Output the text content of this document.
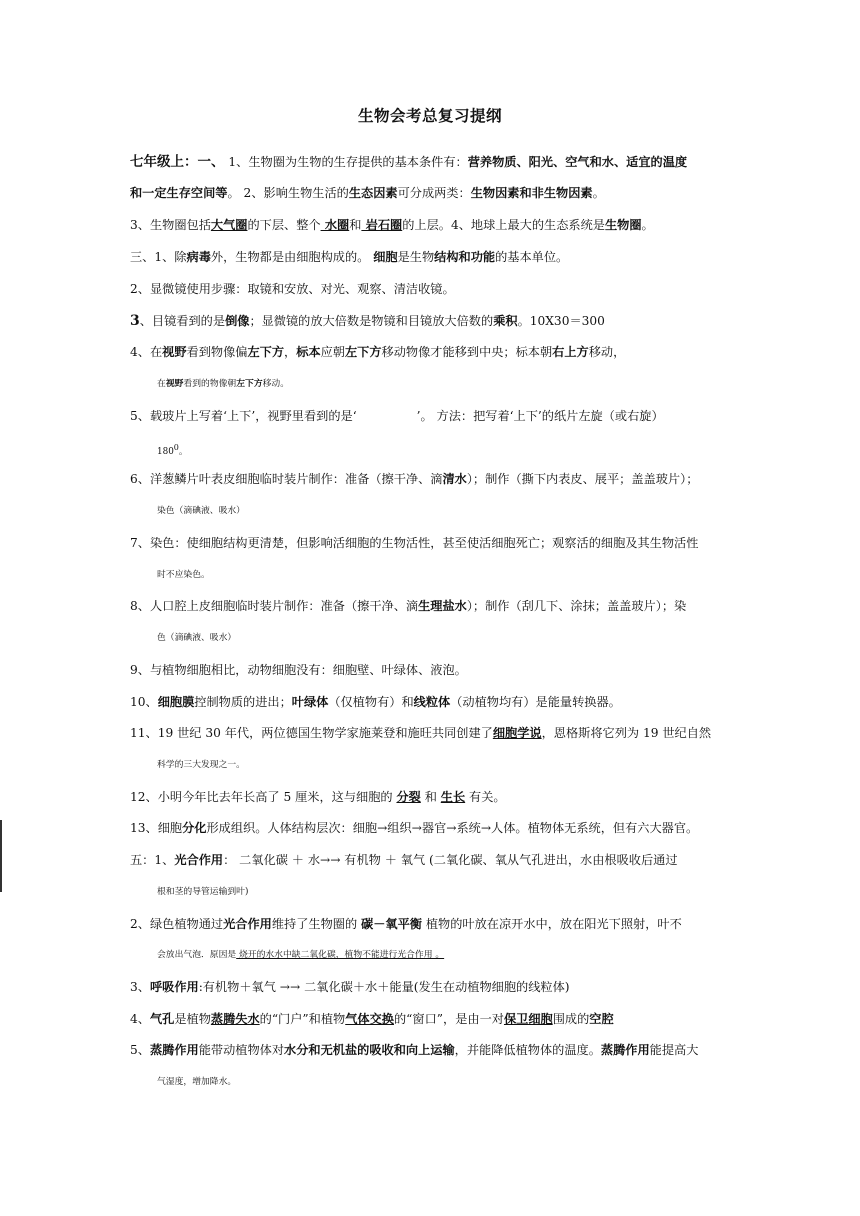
生物会考总复习提纲
七年级上：一、 1、生物圈为生物的生存提供的基本条件有：营养物质、阳光、空气和水、适宜的温度
和一定生存空间等。 2、影响生物生活的生态因素可分成两类：生物因素和非生物因素。
3、生物圈包括大气圈的下层、整个 水圈和 岩石圈的上层。4、地球上最大的生态系统是生物圈。
三、1、除病毒外，生物都是由细胞构成的。 细胞是生物结构和功能的基本单位。
2、显微镜使用步骤：取镜和安放、对光、观察、清洁收镜。
3、目镜看到的是倒像；显微镜的放大倍数是物镜和目镜放大倍数的乘积。10X30＝300
4、在视野看到物像偏左下方，标本应朝左下方移动物像才能移到中央；标本朝右上方移动，
在视野看到的物像朝左下方移动。
5、载玻片上写着‘上下’，视野里看到的是‘	’。 方法：把写着‘上下’的纸片左旋（或右旋）
$180^0$。
6、洋葱鳞片叶表皮细胞临时装片制作：准备（擦干净、滴清水）；制作（撕下内表皮、展平；盖盖玻片）；
染色（滴碘液、吸水）
7、染色：使细胞结构更清楚，但影响活细胞的生物活性，甚至使活细胞死亡；观察活的细胞及其生物活性
时不应染色。
8、人口腔上皮细胞临时装片制作：准备（擦干净、滴生理盐水）；制作（刮几下、涂抹；盖盖玻片）；染
色（滴碘液、吸水）
9、与植物细胞相比，动物细胞没有：细胞壁、叶绿体、液泡。
10、细胞膜控制物质的进出；叶绿体（仅植物有）和线粒体（动植物均有）是能量转换器。
11、19 世纪 30 年代，两位德国生物学家施莱登和施旺共同创建了细胞学说，恩格斯将它列为 19 世纪自然
科学的三大发现之一。
12、小明今年比去年长高了 5 厘米，这与细胞的 分裂 和 生长 有关。
13、细胞分化形成组织。人体结构层次：细胞→组织→器官→系统→人体。植物体无系统，但有六大器官。
五：1、光合作用： 二氧化碳 ＋ 水→→ 有机物 ＋ 氧气 (二氧化碳、氧从气孔进出，水由根吸收后通过
根和茎的导管运输到叶)
2、绿色植物通过光合作用维持了生物圈的 碳－氧平衡 植物的叶放在凉开水中，放在阳光下照射，叶不
会放出气泡．原因是 烧开的水水中缺二氧化碳，植物不能进行光合作用 。
3、呼吸作用:有机物＋氧气 →→ 二氧化碳＋水＋能量(发生在动植物细胞的线粒体)
4、气孔是植物蒸腾失水的“门户”和植物气体交换的“窗口”，是由一对保卫细胞围成的空腔
5、蒸腾作用能带动植物体对水分和无机盐的吸收和向上运输，并能降低植物体的温度。蒸腾作用能提高大
气湿度，增加降水。
